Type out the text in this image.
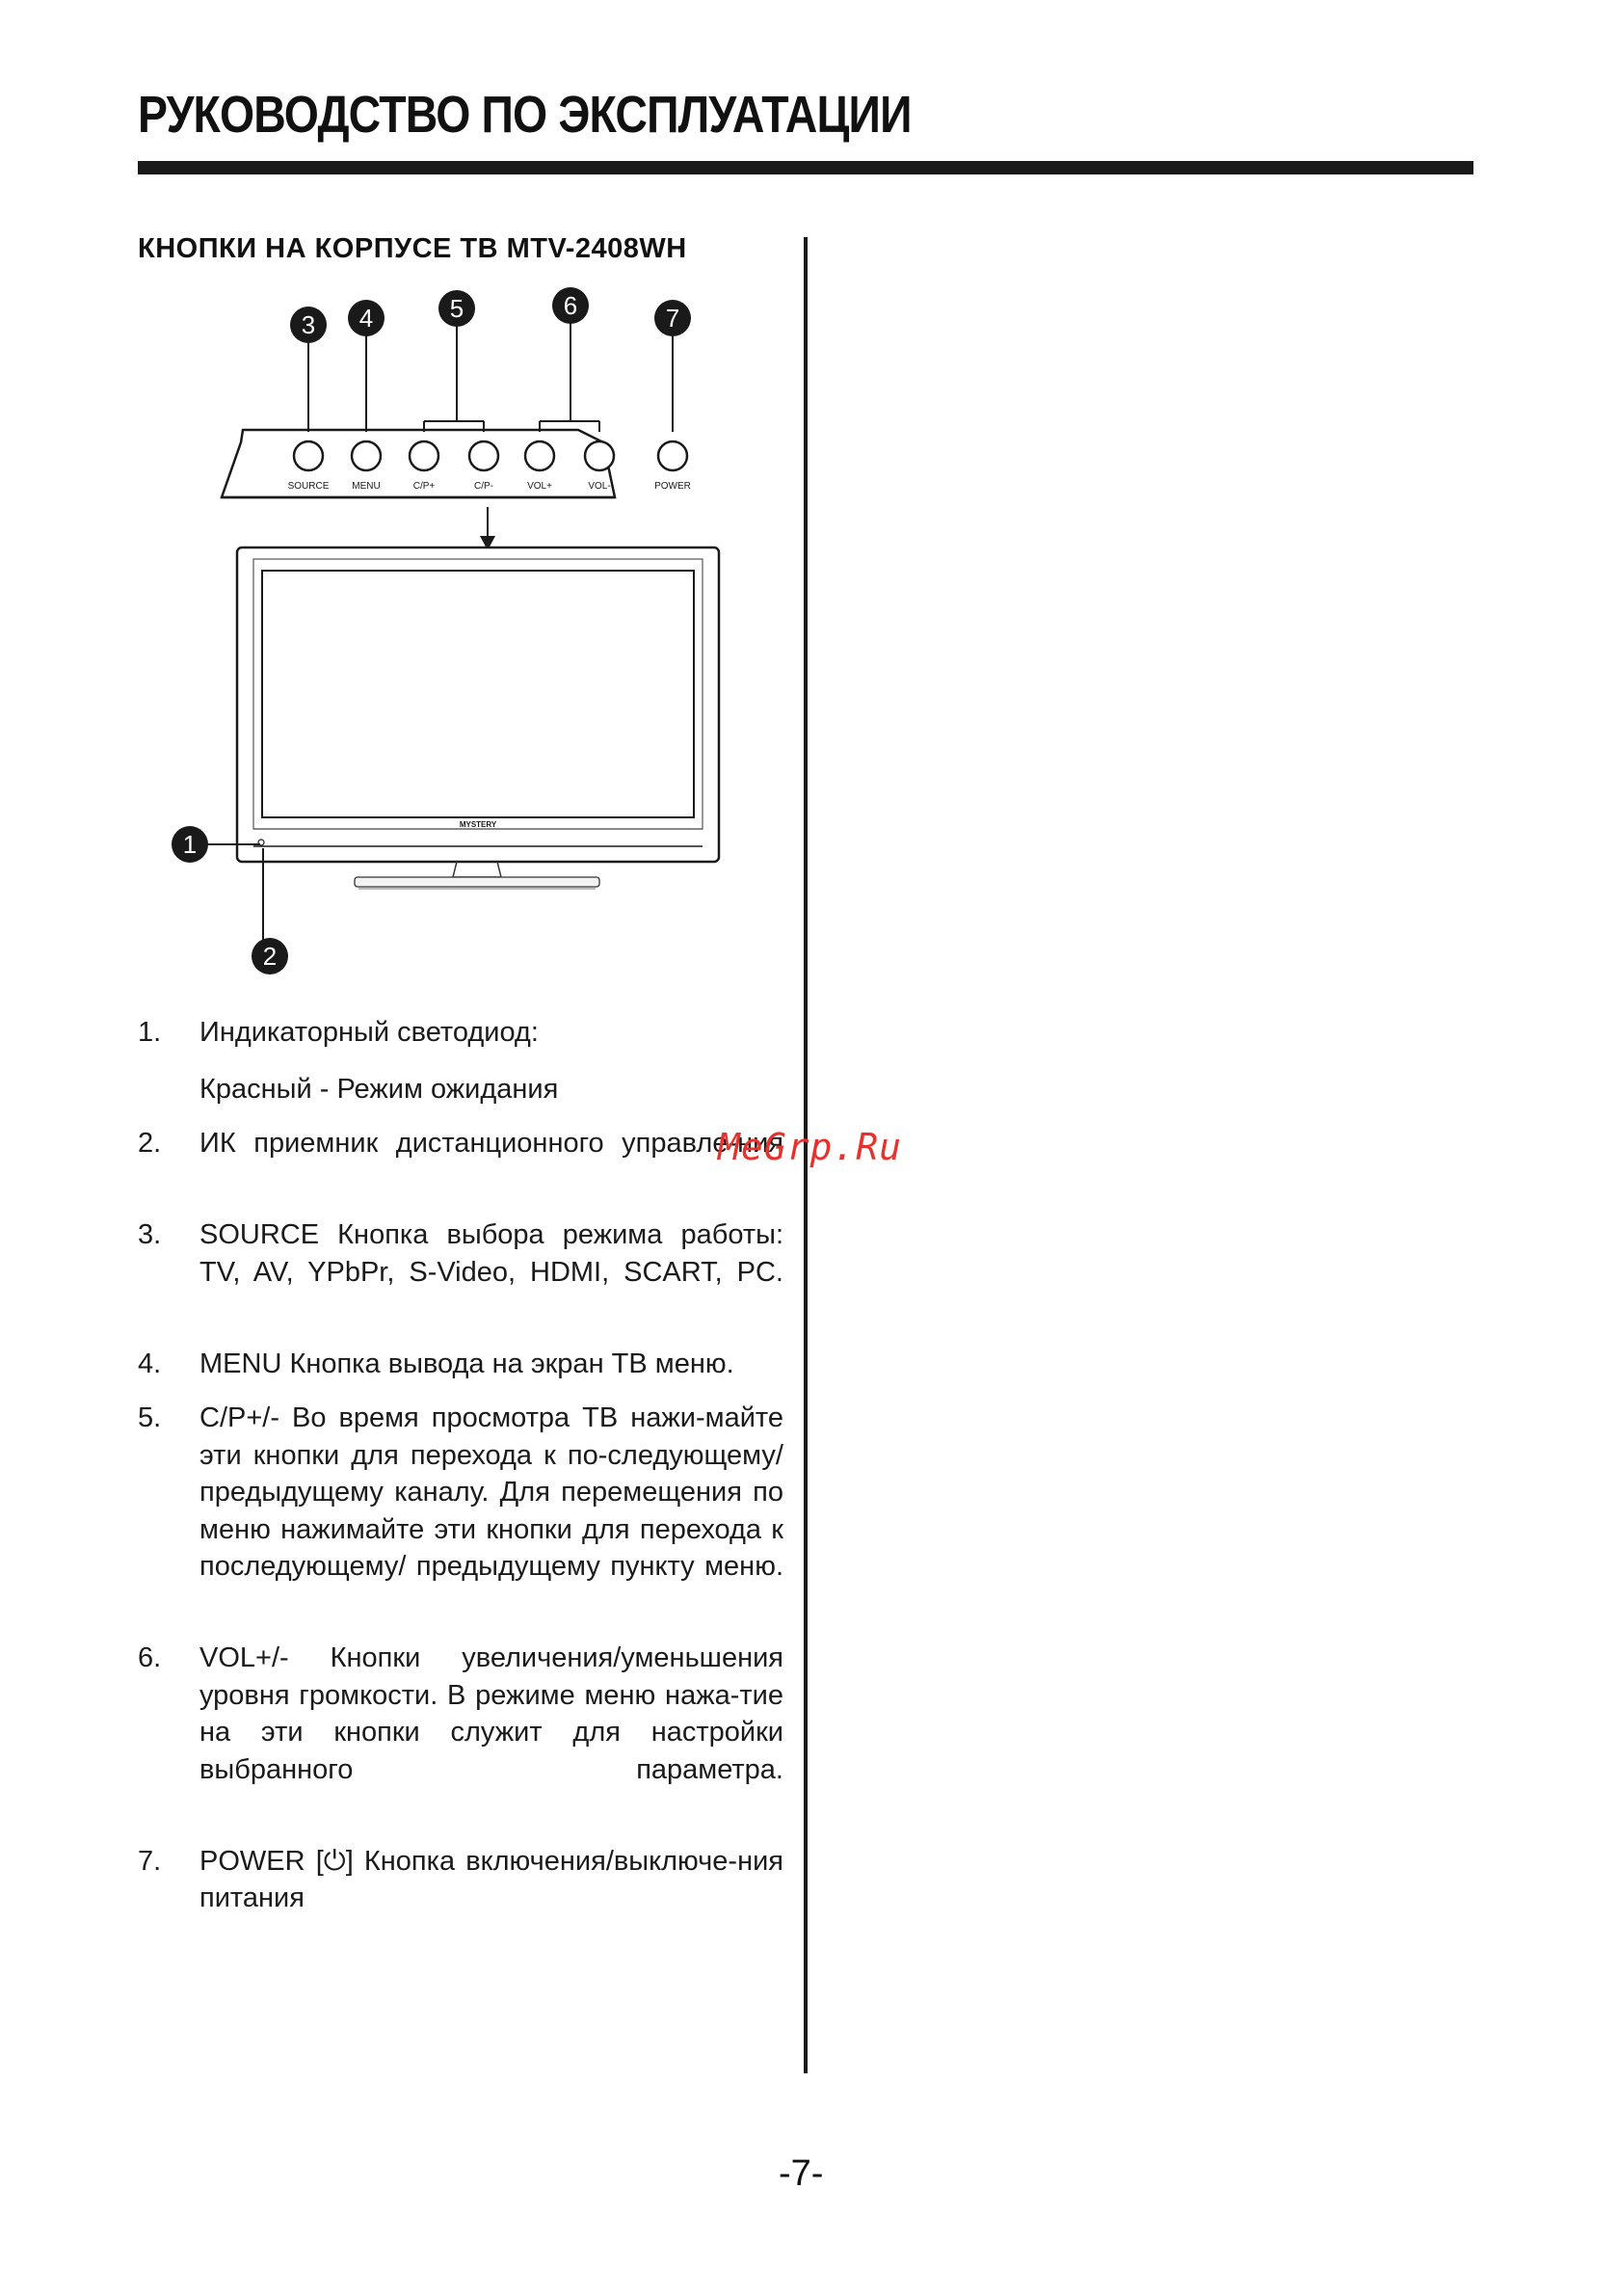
РУКОВОДСТВО ПО ЭКСПЛУАТАЦИИ
КНОПКИ НА КОРПУСЕ ТВ MTV-2408WH
SOURCE MENU	C/P+	C/P-	VOL+	VOL-	POWER
3 4	5	6	7
MYSTERY
1
2
1. Индикаторный светодиод:
Красный - Режим ожидания
2. ИК приемник дистанционного управле-ния
3. SOURCE Кнопка выбора режима работы: TV, AV, YPbPr, S-Video, HDMI, SCART, PC.
4. MENU Кнопка вывода на экран ТВ меню.
5. C/P+/- Во время просмотра ТВ нажи-майте эти кнопки для перехода к по-следующему/предыдущему каналу. Для перемещения по меню нажимайте эти кнопки для перехода к последующему/ предыдущему пункту меню.
6. VOL+/- Кнопки увеличения/уменьшения уровня громкости. В режиме меню нажа-тие на эти кнопки служит для настройки выбранного параметра.
7. POWER [⏻] Кнопка включения/выключе-ния питания
MeGrp.Ru
-7-
